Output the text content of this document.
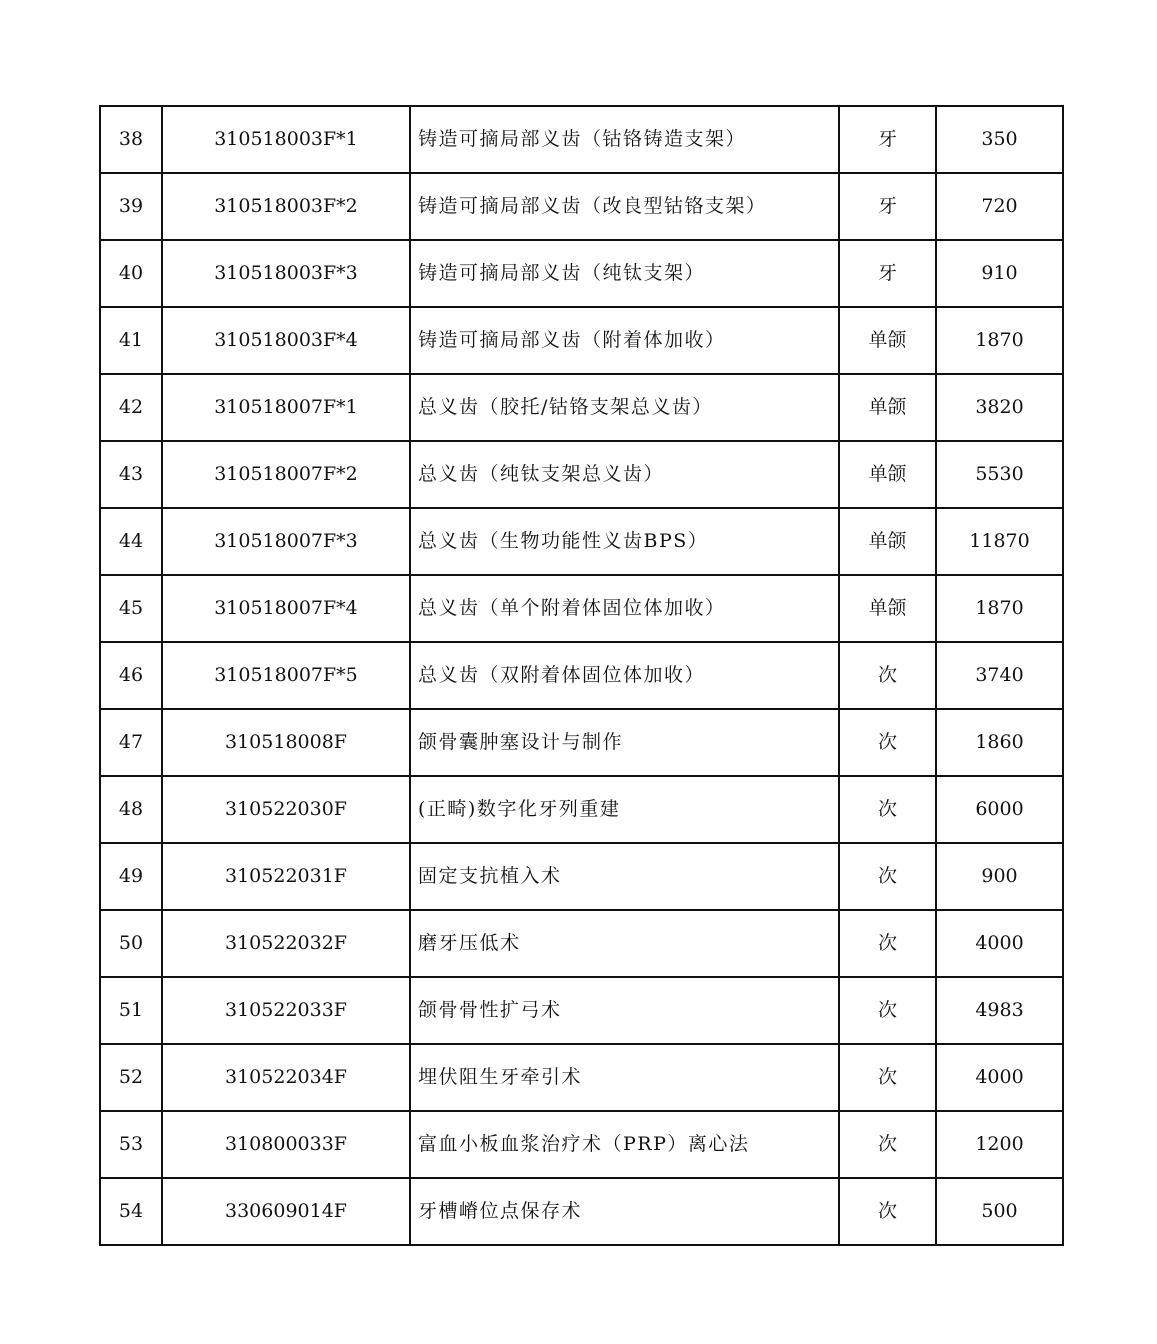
38	310518003F*1	铸造可摘局部义齿（钴铬铸造支架）	牙	350
39	310518003F*2	铸造可摘局部义齿（改良型钴铬支架）	牙	720
40	310518003F*3	铸造可摘局部义齿（纯钛支架）	牙	910
41	310518003F*4	铸造可摘局部义齿（附着体加收）	单颌	1870
42	310518007F*1	总义齿（胶托/钴铬支架总义齿）	单颌	3820
43	310518007F*2	总义齿（纯钛支架总义齿）	单颌	5530
44	310518007F*3	总义齿（生物功能性义齿BPS）	单颌	11870
45	310518007F*4	总义齿（单个附着体固位体加收）	单颌	1870
46	310518007F*5	总义齿（双附着体固位体加收）	次	3740
47	310518008F	颌骨囊肿塞设计与制作	次	1860
48	310522030F	(正畸)数字化牙列重建	次	6000
49	310522031F	固定支抗植入术	次	900
50	310522032F	磨牙压低术	次	4000
51	310522033F	颌骨骨性扩弓术	次	4983
52	310522034F	埋伏阻生牙牵引术	次	4000
53	310800033F	富血小板血浆治疗术（PRP）离心法	次	1200
54	330609014F	牙槽嵴位点保存术	次	500
